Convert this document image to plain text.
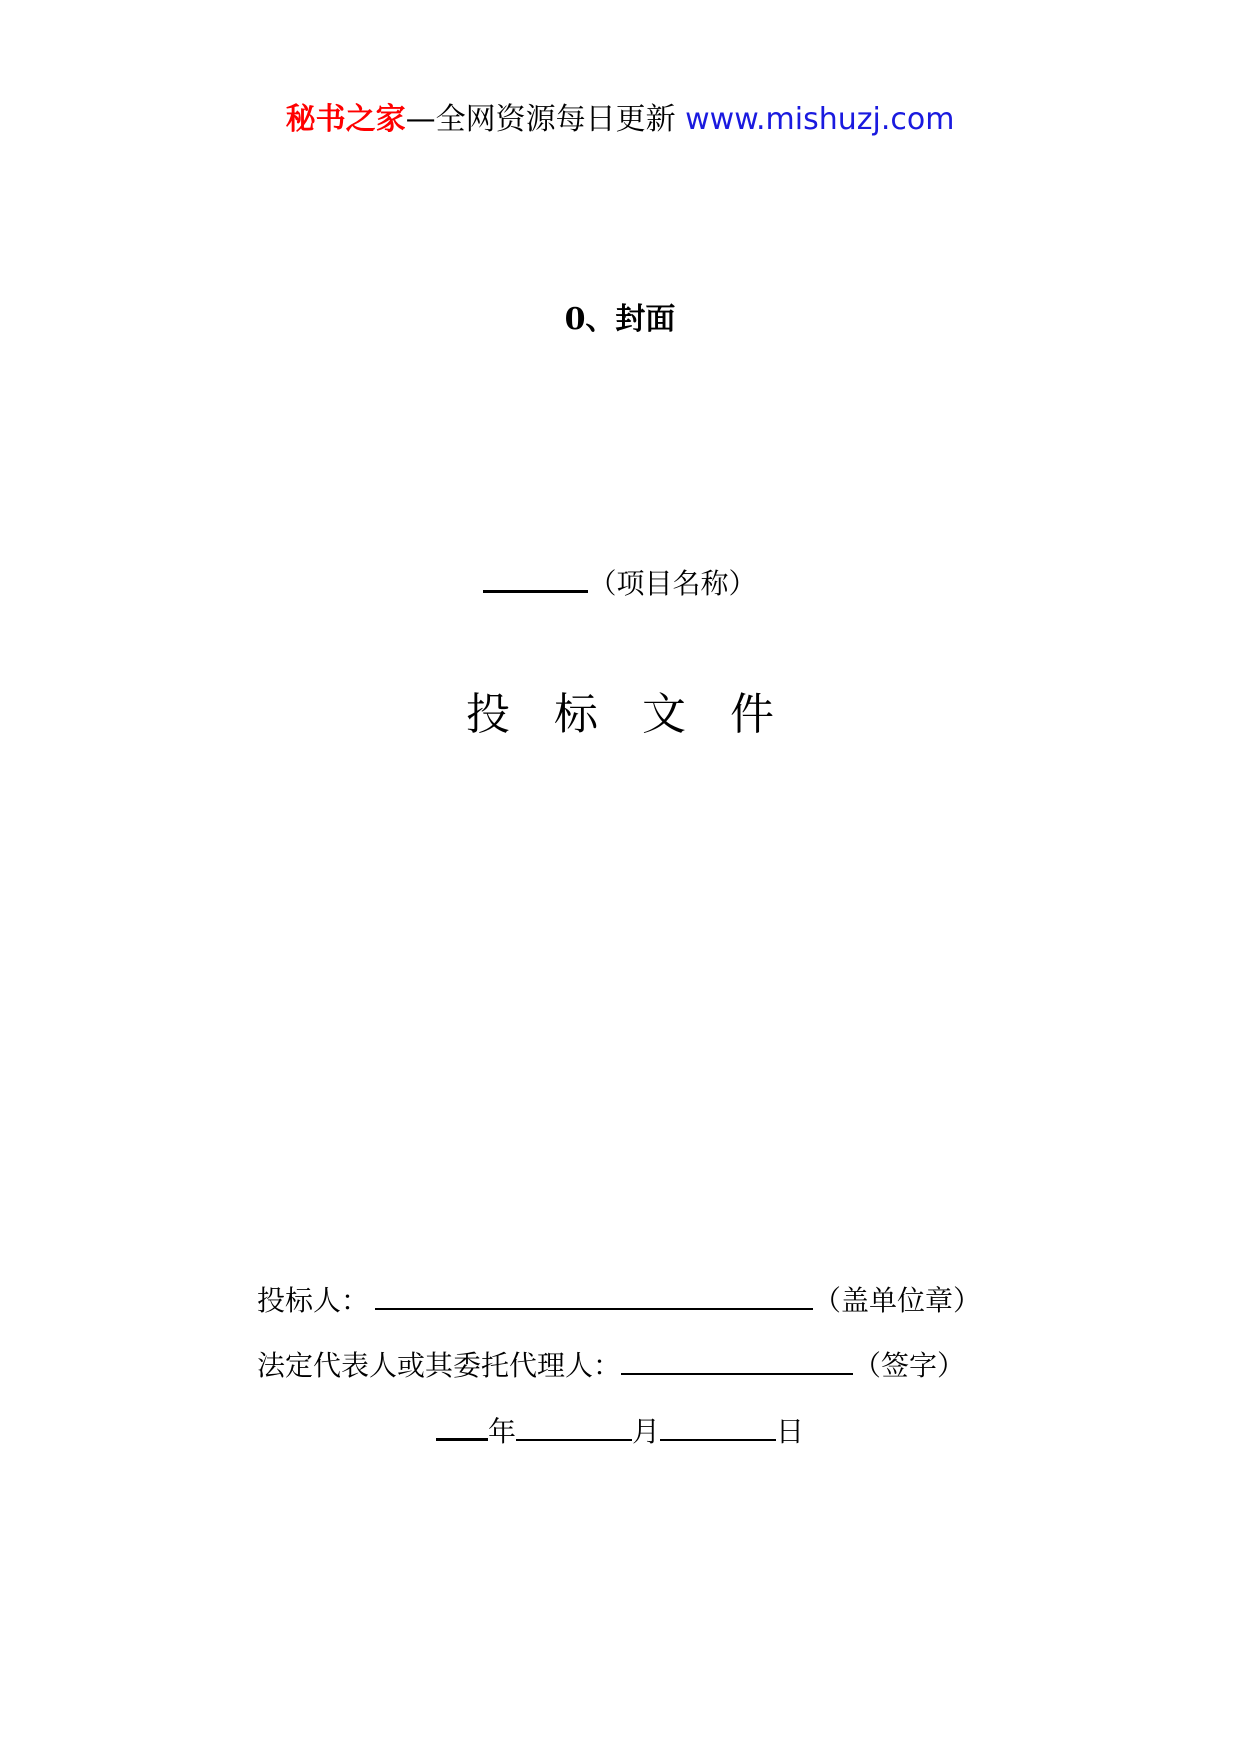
秘书之家—全网资源每日更新 www.mishuzj.com
0、封面
（项目名称）
投标文件
投标人：	（盖单位章）
法定代表人或其委托代理人：	（签字）
年	月	日
